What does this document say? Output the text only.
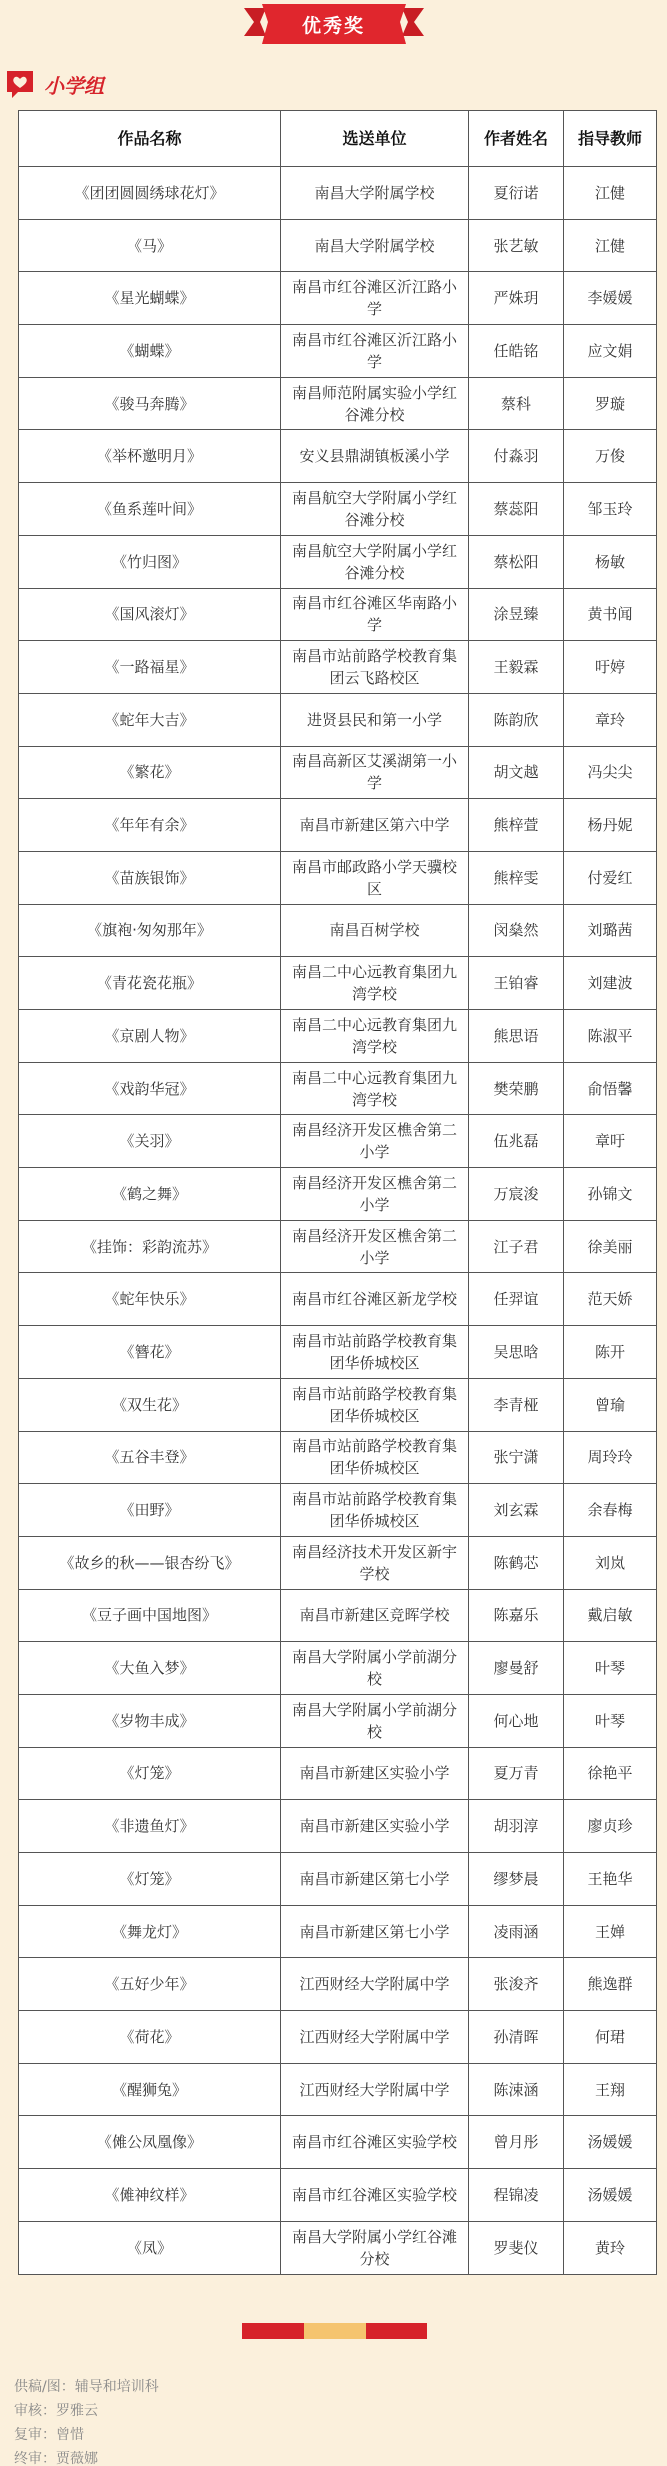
优秀奖
小学组
作品名称	选送单位	作者姓名	指导教师
《团团圆圆绣球花灯》	南昌大学附属学校	夏衍诺	江健
《马》	南昌大学附属学校	张艺敏	江健
《星光蝴蝶》	南昌市红谷滩区沂江路小学	严姝玥	李媛媛
《蝴蝶》	南昌市红谷滩区沂江路小学	任皓铭	应文娟
《骏马奔腾》	南昌师范附属实验小学红谷滩分校	蔡科	罗璇
《举杯邀明月》	安义县鼎湖镇板溪小学	付淼羽	万俊
《鱼系莲叶间》	南昌航空大学附属小学红谷滩分校	蔡蕊阳	邹玉玲
《竹归图》	南昌航空大学附属小学红谷滩分校	蔡松阳	杨敏
《国风滚灯》	南昌市红谷滩区华南路小学	涂昱臻	黄书闻
《一路福星》	南昌市站前路学校教育集团云飞路校区	王毅霖	吁婷
《蛇年大吉》	进贤县民和第一小学	陈韵欣	章玲
《繁花》	南昌高新区艾溪湖第一小学	胡文越	冯尖尖
《年年有余》	南昌市新建区第六中学	熊梓萱	杨丹妮
《苗族银饰》	南昌市邮政路小学天骥校区	熊梓雯	付爱红
《旗袍·匆匆那年》	南昌百树学校	闵燊然	刘璐茜
《青花瓷花瓶》	南昌二中心远教育集团九湾学校	王铂睿	刘建波
《京剧人物》	南昌二中心远教育集团九湾学校	熊思语	陈淑平
《戏韵华冠》	南昌二中心远教育集团九湾学校	樊荣鹏	俞悟馨
《关羽》	南昌经济开发区樵舍第二小学	伍兆磊	章吁
《鹤之舞》	南昌经济开发区樵舍第二小学	万宸浚	孙锦文
《挂饰：彩韵流苏》	南昌经济开发区樵舍第二小学	江子君	徐美丽
《蛇年快乐》	南昌市红谷滩区新龙学校	任羿谊	范天娇
《簪花》	南昌市站前路学校教育集团华侨城校区	吴思晗	陈开
《双生花》	南昌市站前路学校教育集团华侨城校区	李青桠	曾瑜
《五谷丰登》	南昌市站前路学校教育集团华侨城校区	张宁潇	周玲玲
《田野》	南昌市站前路学校教育集团华侨城校区	刘玄霖	余春梅
《故乡的秋——银杏纷飞》	南昌经济技术开发区新宇学校	陈鹤芯	刘岚
《豆子画中国地图》	南昌市新建区竞晖学校	陈嘉乐	戴启敏
《大鱼入梦》	南昌大学附属小学前湖分校	廖曼舒	叶琴
《岁物丰成》	南昌大学附属小学前湖分校	何心地	叶琴
《灯笼》	南昌市新建区实验小学	夏万青	徐艳平
《非遗鱼灯》	南昌市新建区实验小学	胡羽淳	廖贞珍
《灯笼》	南昌市新建区第七小学	缪梦晨	王艳华
《舞龙灯》	南昌市新建区第七小学	凌雨涵	王婵
《五好少年》	江西财经大学附属中学	张浚齐	熊逸群
《荷花》	江西财经大学附属中学	孙清晖	何珺
《醒狮兔》	江西财经大学附属中学	陈涑涵	王翔
《傩公凤凰像》	南昌市红谷滩区实验学校	曾月彤	汤媛媛
《傩神纹样》	南昌市红谷滩区实验学校	程锦凌	汤媛媛
《凤》	南昌大学附属小学红谷滩分校	罗斐仪	黄玲
供稿/图：辅导和培训科
审核：罗雅云
复审：曾惜
终审：贾薇娜
